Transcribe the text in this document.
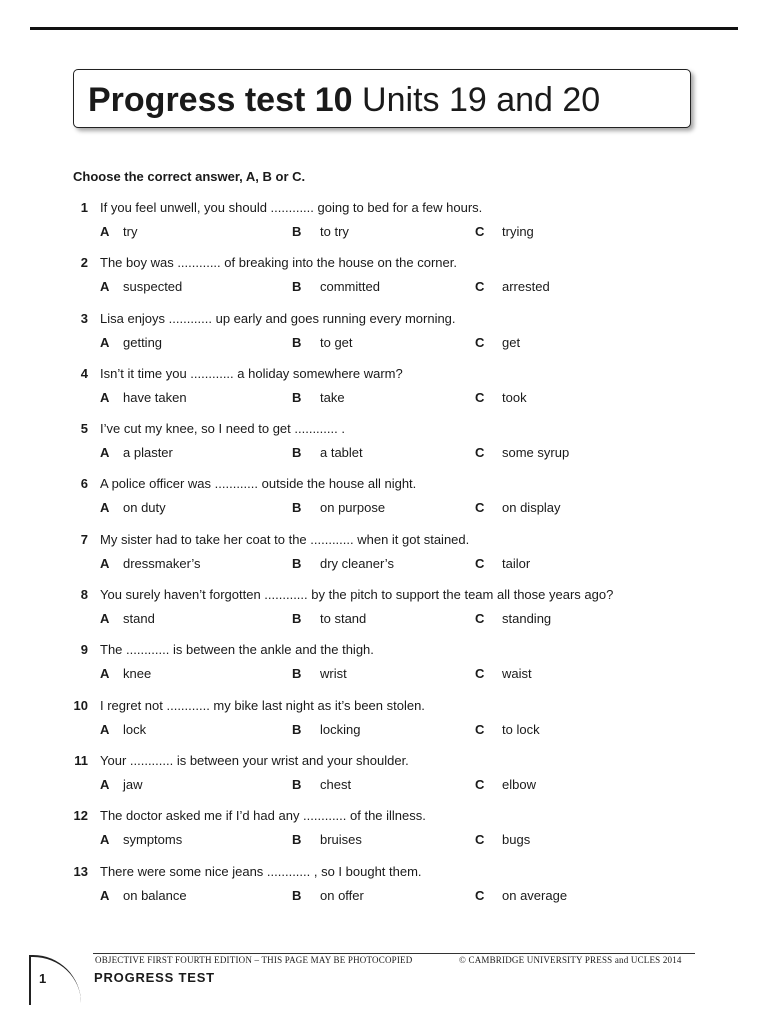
Progress test 10 Units 19 and 20
Choose the correct answer, A, B or C.
1 If you feel unwell, you should ............ going to bed for a few hours.
A try	B to try	C trying
2 The boy was ............ of breaking into the house on the corner.
A suspected	B committed	C arrested
3 Lisa enjoys ............ up early and goes running every morning.
A getting	B to get	C get
4 Isn’t it time you ............ a holiday somewhere warm?
A have taken	B take	C took
5 I’ve cut my knee, so I need to get ............ .
A a plaster	B a tablet	C some syrup
6 A police officer was ............ outside the house all night.
A on duty	B on purpose	C on display
7 My sister had to take her coat to the ............ when it got stained.
A dressmaker’s	B dry cleaner’s	C tailor
8 You surely haven’t forgotten ............ by the pitch to support the team all those years ago?
A stand	B to stand	C standing
9 The ............ is between the ankle and the thigh.
A knee	B wrist	C waist
10 I regret not ............ my bike last night as it’s been stolen.
A lock	B locking	C to lock
11 Your ............ is between your wrist and your shoulder.
A jaw	B chest	C elbow
12 The doctor asked me if I’d had any ............ of the illness.
A symptoms	B bruises	C bugs
13 There were some nice jeans ............ , so I bought them.
A on balance	B on offer	C on average
OBJECTIVE FIRST FOURTH EDITION – THIS PAGE MAY BE PHOTOCOPIED	© CAMBRIDGE UNIVERSITY PRESS and UCLES 2014
1	PROGRESS TEST
